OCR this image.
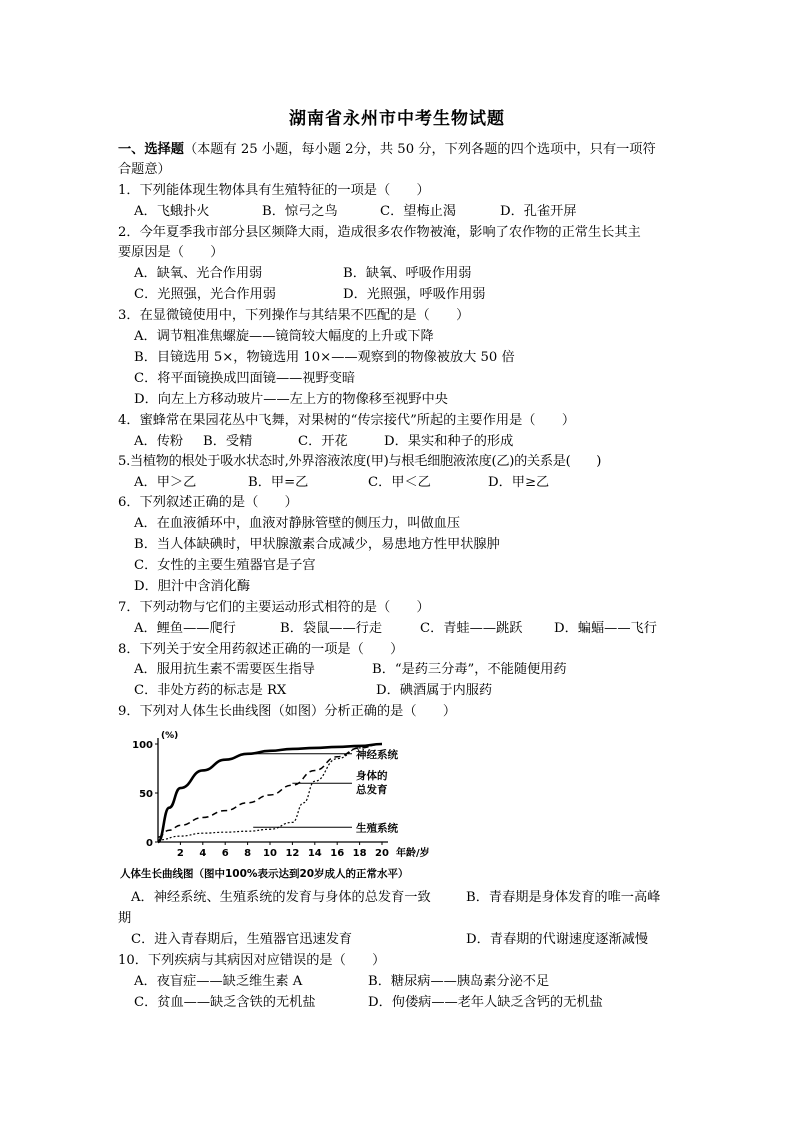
湖南省永州市中考生物试题
一、选择题（本题有 25 小题，每小题 2分，共 50 分，下列各题的四个选项中，只有一项符
合题意）
1．下列能体现生物体具有生殖特征的一项是（　　）
A．飞蛾扑火	B．惊弓之鸟	C．望梅止渴	D．孔雀开屏
2．今年夏季我市部分县区频降大雨，造成很多农作物被淹，影响了农作物的正常生长其主
要原因是（　　）
A．缺氧、光合作用弱	B．缺氧、呼吸作用弱
C．光照强，光合作用弱	D．光照强，呼吸作用弱
3．在显微镜使用中，下列操作与其结果不匹配的是（　　）
A．调节粗准焦螺旋——镜筒较大幅度的上升或下降
B．目镜选用 5×，物镜选用 10×——观察到的物像被放大 50 倍
C．将平面镜换成凹面镜——视野变暗
D．向左上方移动玻片——左上方的物像移至视野中央
4．蜜蜂常在果园花丛中飞舞，对果树的“传宗接代”所起的主要作用是（　　）
A．传粉 B．受精	C．开花	D．果实和种子的形成
5.当植物的根处于吸水状态时,外界溶液浓度(甲)与根毛细胞液浓度(乙)的关系是(　　)
A．甲＞乙	B．甲=乙	C．甲＜乙	D．甲≥乙
6．下列叙述正确的是（　　）
A．在血液循环中，血液对静脉管壁的侧压力，叫做血压
B．当人体缺碘时，甲状腺激素合成减少，易患地方性甲状腺肿
C．女性的主要生殖器官是子宫
D．胆汁中含消化酶
7．下列动物与它们的主要运动形式相符的是（　　）
A．鲤鱼——爬行	B．袋鼠——行走	C．青蛙——跳跃 D．蝙蝠——飞行
8．下列关于安全用药叙述正确的一项是（　　）
A．服用抗生素不需要医生指导	B．“是药三分毒”，不能随便用药
C．非处方药的标志是 RX	D．碘酒属于内服药
9．下列对人体生长曲线图（如图）分析正确的是（　　）
(%)
0
50
100
2 4 6 8 10 12 14 16 18 20 年龄/岁
神经系统
身体的
总发育
生殖系统
人体生长曲线图（图中100%表示达到20岁成人的正常水平）
A．神经系统、生殖系统的发育与身体的总发育一致	B．青春期是身体发育的唯一高峰
期
C．进入青春期后，生殖器官迅速发育	D．青春期的代谢速度逐渐减慢
10．下列疾病与其病因对应错误的是（　　）
A．夜盲症——缺乏维生素 A	B．糖尿病——胰岛素分泌不足
C．贫血——缺乏含铁的无机盐	D．佝偻病——老年人缺乏含钙的无机盐
